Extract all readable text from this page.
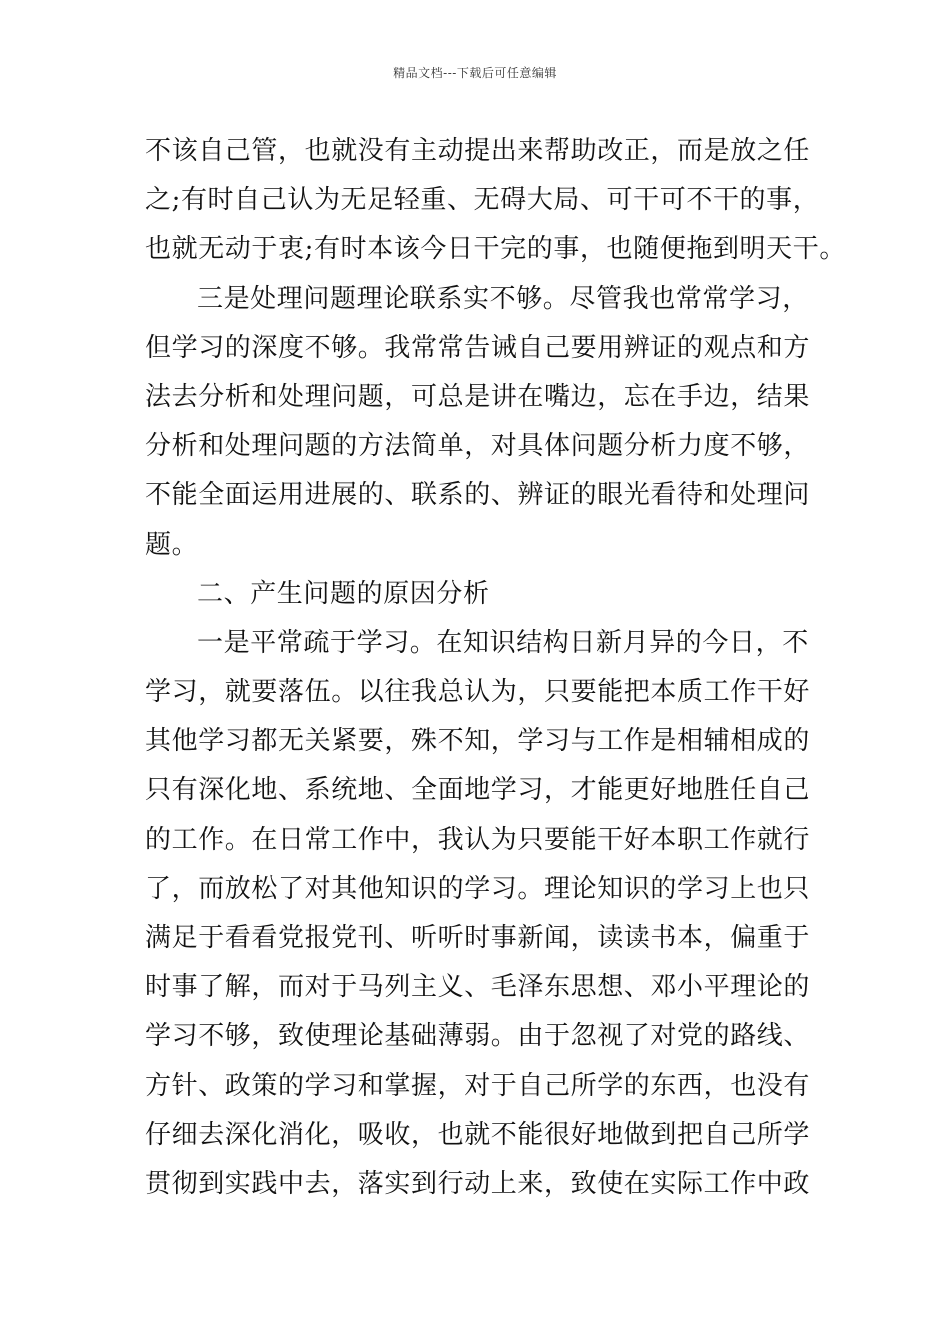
精品文档---下载后可任意编辑
不该自己管，也就没有主动提出来帮助改正，而是放之任
之;有时自己认为无足轻重、无碍大局、可干可不干的事，
也就无动于衷;有时本该今日干完的事，也随便拖到明天干。
三是处理问题理论联系实不够。尽管我也常常学习，
但学习的深度不够。我常常告诫自己要用辨证的观点和方
法去分析和处理问题，可总是讲在嘴边，忘在手边，结果
分析和处理问题的方法简单，对具体问题分析力度不够，
不能全面运用进展的、联系的、辨证的眼光看待和处理问
题。
二、产生问题的原因分析
一是平常疏于学习。在知识结构日新月异的今日，不
学习，就要落伍。以往我总认为，只要能把本质工作干好
其他学习都无关紧要，殊不知，学习与工作是相辅相成的
只有深化地、系统地、全面地学习，才能更好地胜任自己
的工作。在日常工作中，我认为只要能干好本职工作就行
了，而放松了对其他知识的学习。理论知识的学习上也只
满足于看看党报党刊、听听时事新闻，读读书本，偏重于
时事了解，而对于马列主义、毛泽东思想、邓小平理论的
学习不够，致使理论基础薄弱。由于忽视了对党的路线、
方针、政策的学习和掌握，对于自己所学的东西，也没有
仔细去深化消化，吸收，也就不能很好地做到把自己所学
贯彻到实践中去，落实到行动上来，致使在实际工作中政
